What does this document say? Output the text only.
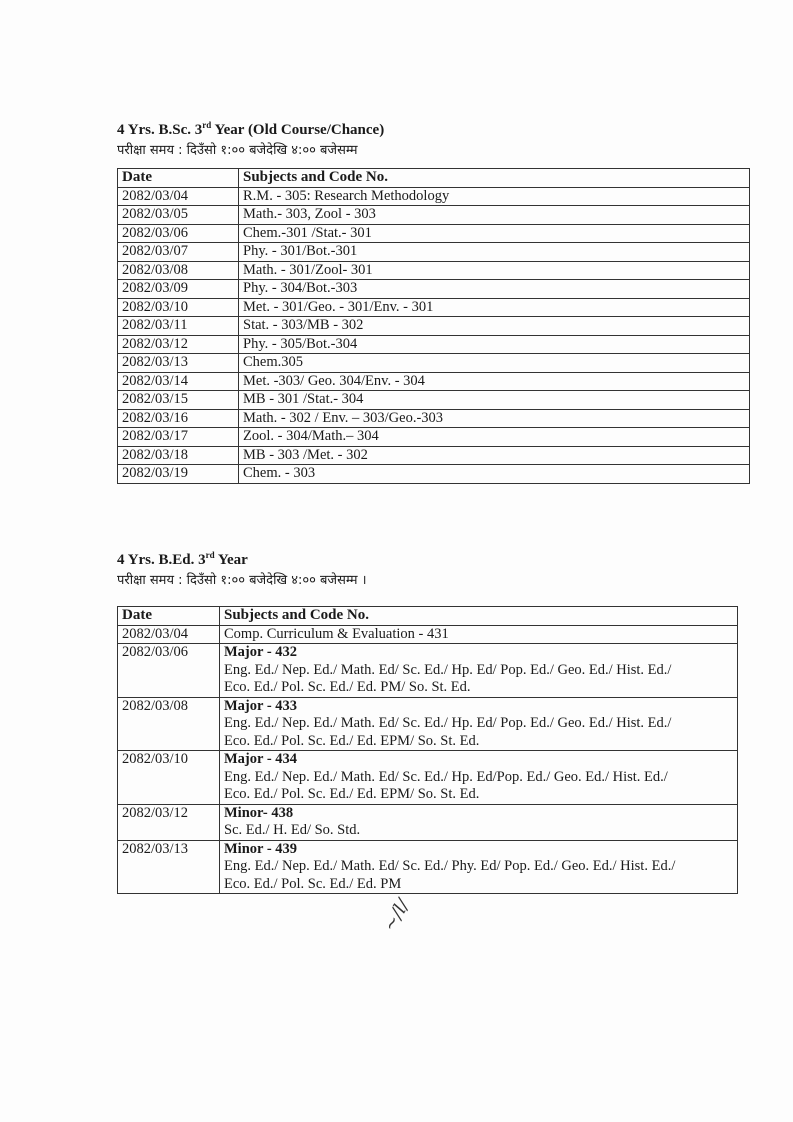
4 Yrs. B.Sc. 3rd Year (Old Course/Chance)
परीक्षा समय : दिउँसो १:०० बजेदेखि ४:०० बजेसम्म
Date	Subjects and Code No.
2082/03/04	R.M. - 305: Research Methodology
2082/03/05	Math.- 303, Zool - 303
2082/03/06	Chem.-301 /Stat.- 301
2082/03/07	Phy. - 301/Bot.-301
2082/03/08	Math. - 301/Zool- 301
2082/03/09	Phy. - 304/Bot.-303
2082/03/10	Met. - 301/Geo. - 301/Env. - 301
2082/03/11	Stat. - 303/MB - 302
2082/03/12	Phy. - 305/Bot.-304
2082/03/13	Chem.305
2082/03/14	Met. -303/ Geo. 304/Env. - 304
2082/03/15	MB - 301 /Stat.- 304
2082/03/16	Math. - 302 / Env. – 303/Geo.-303
2082/03/17	Zool. - 304/Math.– 304
2082/03/18	MB - 303 /Met. - 302
2082/03/19	Chem. - 303
4 Yrs. B.Ed. 3rd Year
परीक्षा समय : दिउँसो १:०० बजेदेखि ४:०० बजेसम्म ।
Date	Subjects and Code No.
2082/03/04	Comp. Curriculum & Evaluation - 431

2082/03/06	Major - 432
Eng. Ed./ Nep. Ed./ Math. Ed/ Sc. Ed./ Hp. Ed/ Pop. Ed./ Geo. Ed./ Hist. Ed./
Eco. Ed./ Pol. Sc. Ed./ Ed. PM/ So. St. Ed.

2082/03/08	Major - 433
Eng. Ed./ Nep. Ed./ Math. Ed/ Sc. Ed./ Hp. Ed/ Pop. Ed./ Geo. Ed./ Hist. Ed./
Eco. Ed./ Pol. Sc. Ed./ Ed. EPM/ So. St. Ed.

2082/03/10	Major - 434
Eng. Ed./ Nep. Ed./ Math. Ed/ Sc. Ed./ Hp. Ed/Pop. Ed./ Geo. Ed./ Hist. Ed./
Eco. Ed./ Pol. Sc. Ed./ Ed. EPM/ So. St. Ed.

2082/03/12	Minor- 438
Sc. Ed./ H. Ed/ So. Std.

2082/03/13	Minor - 439
Eng. Ed./ Nep. Ed./ Math. Ed/ Sc. Ed./ Phy. Ed/ Pop. Ed./ Geo. Ed./ Hist. Ed./
Eco. Ed./ Pol. Sc. Ed./ Ed. PM
~/l/
